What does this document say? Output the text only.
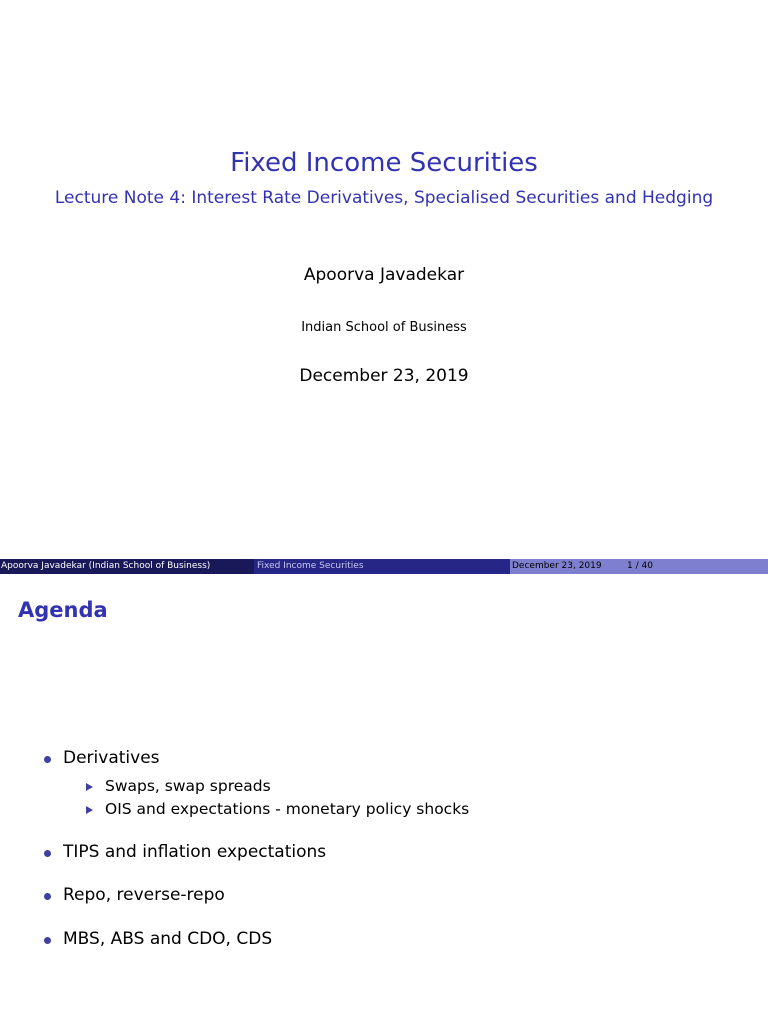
Fixed Income Securities
Lecture Note 4: Interest Rate Derivatives, Specialised Securities and Hedging
Apoorva Javadekar
Indian School of Business
December 23, 2019
Apoorva Javadekar (Indian School of Business)	Fixed Income Securities	December 23, 2019	1 / 40
Agenda
Derivatives
Swaps, swap spreads
OIS and expectations - monetary policy shocks
TIPS and inflation expectations
Repo, reverse-repo
MBS, ABS and CDO, CDS
